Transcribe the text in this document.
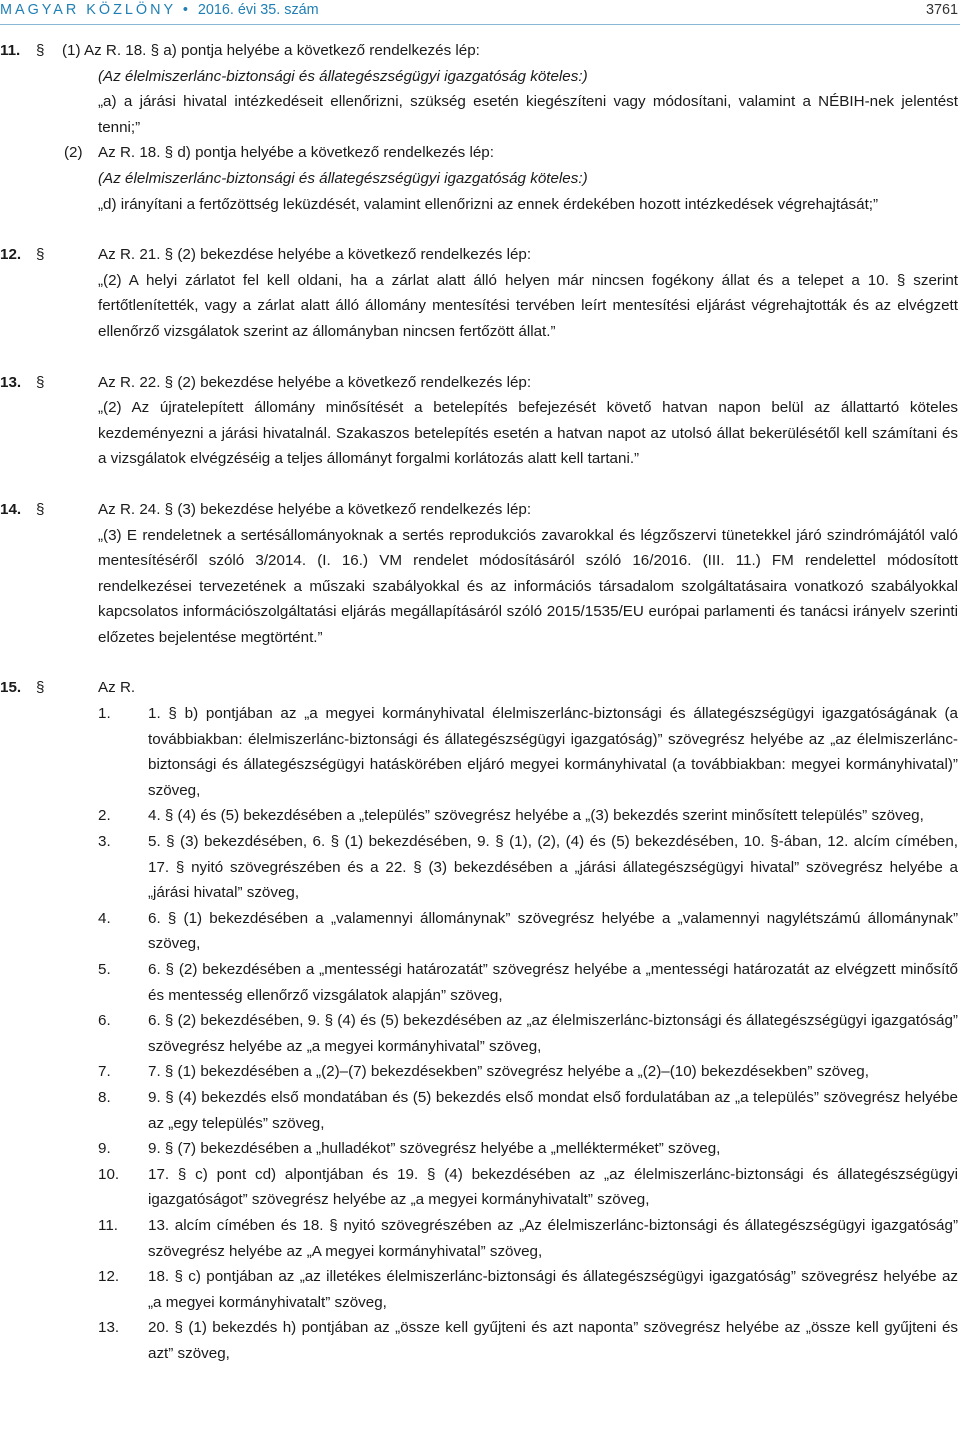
MAGYAR KÖZLÖNY • 2016. évi 35. szám	3761
11. § (1) Az R. 18. § a) pontja helyébe a következő rendelkezés lép:
(Az élelmiszerlánc-biztonsági és állategészségügyi igazgatóság köteles:)
„a) a járási hivatal intézkedéseit ellenőrizni, szükség esetén kiegészíteni vagy módosítani, valamint a NÉBIH-nek jelentést tenni;”
(2) Az R. 18. § d) pontja helyébe a következő rendelkezés lép:
(Az élelmiszerlánc-biztonsági és állategészségügyi igazgatóság köteles:)
„d) irányítani a fertőzöttség leküzdését, valamint ellenőrizni az ennek érdekében hozott intézkedések végrehajtását;”
12. §	Az R. 21. § (2) bekezdése helyébe a következő rendelkezés lép:
„(2) A helyi zárlatot fel kell oldani, ha a zárlat alatt álló helyen már nincsen fogékony állat és a telepet a 10. § szerint fertőtlenítették, vagy a zárlat alatt álló állomány mentesítési tervében leírt mentesítési eljárást végrehajtották és az elvégzett ellenőrző vizsgálatok szerint az állományban nincsen fertőzött állat.”
13. §	Az R. 22. § (2) bekezdése helyébe a következő rendelkezés lép:
„(2) Az újratelepített állomány minősítését a betelepítés befejezését követő hatvan napon belül az állattartó köteles kezdeményezni a járási hivatalnál. Szakaszos betelepítés esetén a hatvan napot az utolsó állat bekerülésétől kell számítani és a vizsgálatok elvégzéséig a teljes állományt forgalmi korlátozás alatt kell tartani.”
14. §	Az R. 24. § (3) bekezdése helyébe a következő rendelkezés lép:
„(3) E rendeletnek a sertésállományoknak a sertés reprodukciós zavarokkal és légzőszervi tünetekkel járó szindrómájától való mentesítéséről szóló 3/2014. (I. 16.) VM rendelet módosításáról szóló 16/2016. (III. 11.) FM rendelettel módosított rendelkezései tervezetének a műszaki szabályokkal és az információs társadalom szolgáltatásaira vonatkozó szabályokkal kapcsolatos információszolgáltatási eljárás megállapításáról szóló 2015/1535/EU európai parlamenti és tanácsi irányelv szerinti előzetes bejelentése megtörtént.”
15. §	Az R.
1. 1. § b) pontjában az „a megyei kormányhivatal élelmiszerlánc-biztonsági és állategészségügyi igazgatóságának (a továbbiakban: élelmiszerlánc-biztonsági és állategészségügyi igazgatóság)” szövegrész helyébe az „az élelmiszerlánc-biztonsági és állategészségügyi hatáskörében eljáró megyei kormányhivatal (a továbbiakban: megyei kormányhivatal)” szöveg,
2. 4. § (4) és (5) bekezdésében a „település” szövegrész helyébe a „(3) bekezdés szerint minősített település” szöveg,
3. 5. § (3) bekezdésében, 6. § (1) bekezdésében, 9. § (1), (2), (4) és (5) bekezdésében, 10. §-ában, 12. alcím címében, 17. § nyitó szövegrészében és a 22. § (3) bekezdésében a „járási állategészségügyi hivatal” szövegrész helyébe a „járási hivatal” szöveg,
4. 6. § (1) bekezdésében a „valamennyi állománynak” szövegrész helyébe a „valamennyi nagylétszámú állománynak” szöveg,
5. 6. § (2) bekezdésében a „mentességi határozatát” szövegrész helyébe a „mentességi határozatát az elvégzett minősítő és mentesség ellenőrző vizsgálatok alapján” szöveg,
6. 6. § (2) bekezdésében, 9. § (4) és (5) bekezdésében az „az élelmiszerlánc-biztonsági és állategészségügyi igazgatóság” szövegrész helyébe az „a megyei kormányhivatal” szöveg,
7. 7. § (1) bekezdésében a „(2)–(7) bekezdésekben” szövegrész helyébe a „(2)–(10) bekezdésekben” szöveg,
8. 9. § (4) bekezdés első mondatában és (5) bekezdés első mondat első fordulatában az „a település” szövegrész helyébe az „egy település” szöveg,
9. 9. § (7) bekezdésében a „hulladékot” szövegrész helyébe a „mellékterméket” szöveg,
10. 17. § c) pont cd) alpontjában és 19. § (4) bekezdésében az „az élelmiszerlánc-biztonsági és állategészségügyi igazgatóságot” szövegrész helyébe az „a megyei kormányhivatalt” szöveg,
11. 13. alcím címében és 18. § nyitó szövegrészében az „Az élelmiszerlánc-biztonsági és állategészségügyi igazgatóság” szövegrész helyébe az „A megyei kormányhivatal” szöveg,
12. 18. § c) pontjában az „az illetékes élelmiszerlánc-biztonsági és állategészségügyi igazgatóság” szövegrész helyébe az „a megyei kormányhivatalt” szöveg,
13. 20. § (1) bekezdés h) pontjában az „össze kell gyűjteni és azt naponta” szövegrész helyébe az „össze kell gyűjteni és azt” szöveg,
